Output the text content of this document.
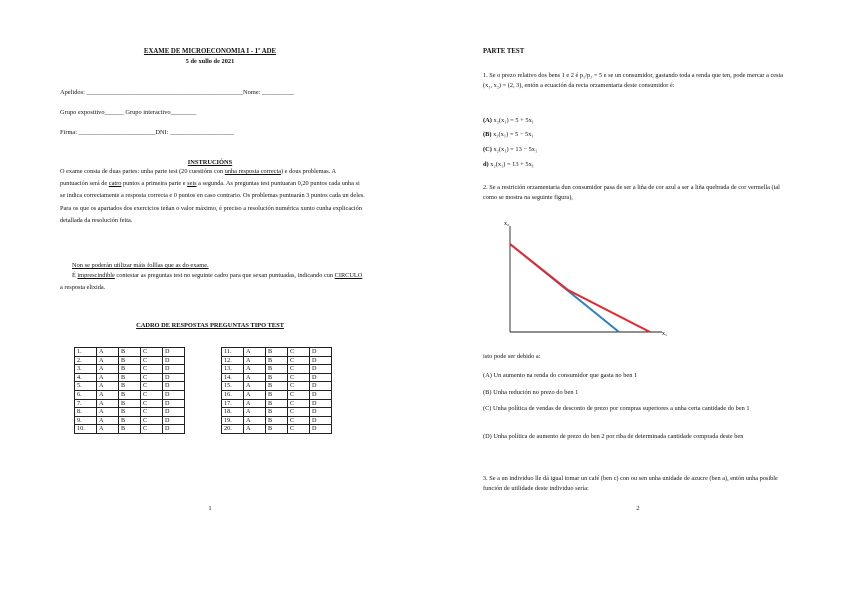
EXAME DE MICROECONOMIA I - 1º ADE
5 de xullo de 2021
Apelidos: _________________________________________________Nome: __________
Grupo expositivo______ Grupo interactivo________
Firma: ________________________DNI: ____________________
INSTRUCIÓNS
O exame consta de duas partes: unha parte test (20 cuestións con unha resposta correcta) e dous problemas. A puntuación será de catro puntos a primeira parte e seis a segunda. As preguntas test puntuaran 0,20 puntos cada unha si se indica correctamente a resposta correcta e 0 puntos en caso contrario. Os problemas puntuarán 3 puntos cada un deles. Para os que os apartados dos exercicios teñan o valor máximo, é preciso a resolución numérica xunto cunha explicación detallada da resolución feita.
Non se poderán utilizar máis folllas que as do exame.
É imprescindible contestar as preguntas test no seguinte cadro para que sexan puntuadas, indicando cun CIRCULO a resposta elixida.
CADRO DE RESPOSTAS PREGUNTAS TIPO TEST
1.	A	B	C	D
2.	A	B	C	D
3.	A	B	C	D
4.	A	B	C	D
5.	A	B	C	D
6.	A	B	C	D
7.	A	B	C	D
8.	A	B	C	D
9.	A	B	C	D
10.	A	B	C	D
11.	A	B	C	D
12.	A	B	C	D
13.	A	B	C	D
14.	A	B	C	D
15.	A	B	C	D
16.	A	B	C	D
17.	A	B	C	D
18.	A	B	C	D
19.	A	B	C	D
20.	A	B	C	D
1
PARTE TEST
1. Se o prezo relativo dos bens 1 e 2 é p₁/p₂ = 5 e se un consumidor, gastando toda a renda que ten, pode mercar a cesta (x₁, x₂) = (2, 3), entón a ecuación da recta orzamentaria deste consumidor é:
(A) x₂(x₁) = 5 + 5x₁
(B) x₂(x₁) = 5 − 5x₁
(C) x₂(x₁) = 13 − 5x₁
d) x₂(x₁) = 13 + 5x₁
2. Se a restrición orzamentaria dun consumidor pasa de ser a liña de cor azul a ser a liña quebrada de cor vermella (tal como se mostra na seguinte figura),
x₂
x₁
isto pode ser debido a:
(A) Un aumento na renda do consumidor que gasta no ben 1
(B) Unha redución no prezo do ben 1
(C) Unha política de vendas de desconto de prezo por compras superiores a unha certa cantidade do ben 1
(D) Unha política de aumento de prezo do ben 2 por riba de determinada cantidade comprada deste ben
3. Se a un individuo lle dá igual tomar un café (ben c) con ou sen unha unidade de azucre (ben a), entón unha posible función de utilidade deste individuo sería:
2
